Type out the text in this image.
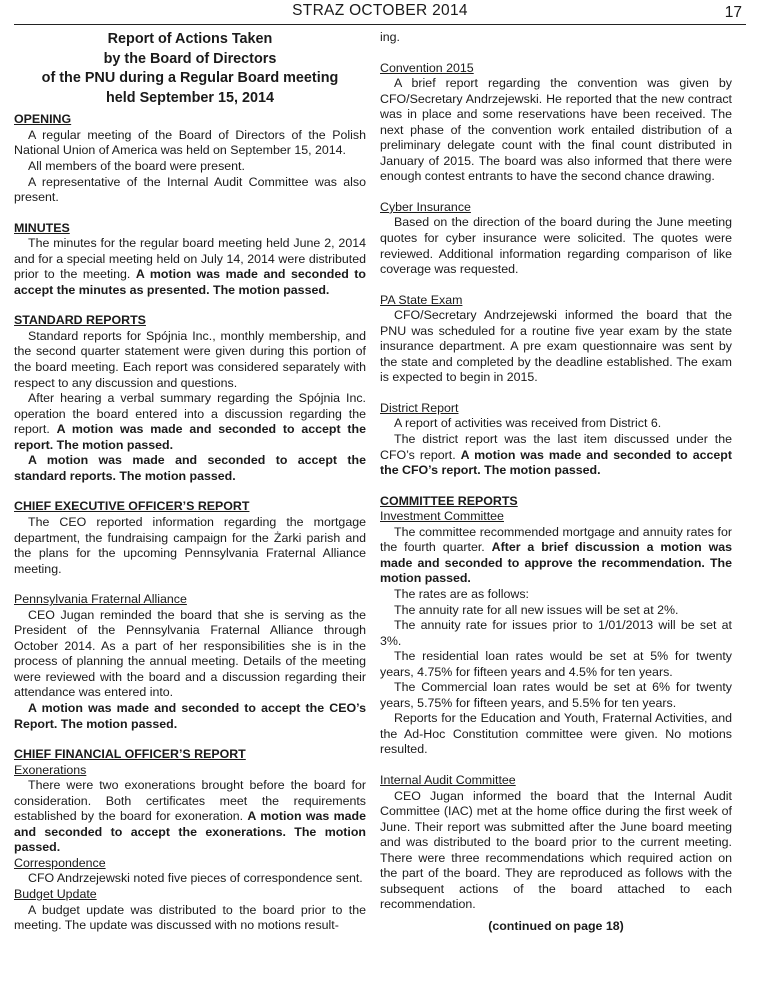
STRAZ OCTOBER 2014	17
Report of Actions Taken
by the Board of Directors
of the PNU during a Regular Board meeting
held September 15, 2014
OPENING

A regular meeting of the Board of Directors of the Polish National Union of America was held on September 15, 2014.

All members of the board were present.

A representative of the Internal Audit Committee was also present.

MINUTES

The minutes for the regular board meeting held June 2, 2014 and for a special meeting held on July 14, 2014 were distributed prior to the meeting. A motion was made and seconded to accept the minutes as presented. The motion passed.

STANDARD REPORTS

Standard reports for Spójnia Inc., monthly membership, and the second quarter statement were given during this portion of the board meeting. Each report was considered separately with respect to any discussion and questions.

After hearing a verbal summary regarding the Spójnia Inc. operation the board entered into a discussion regarding the report. A motion was made and seconded to accept the report. The motion passed.

A motion was made and seconded to accept the standard reports. The motion passed.

CHIEF EXECUTIVE OFFICER’S REPORT

The CEO reported information regarding the mortgage department, the fundraising campaign for the Żarki parish and the plans for the upcoming Pennsylvania Fraternal Alliance meeting.

Pennsylvania Fraternal Alliance

CEO Jugan reminded the board that she is serving as the President of the Pennsylvania Fraternal Alliance through October 2014. As a part of her responsibilities she is in the process of planning the annual meeting. Details of the meeting were reviewed with the board and a discussion regarding their attendance was entered into.

A motion was made and seconded to accept the CEO’s Report. The motion passed.

CHIEF FINANCIAL OFFICER’S REPORT
Exonerations

There were two exonerations brought before the board for consideration. Both certificates meet the requirements established by the board for exoneration. A motion was made and seconded to accept the exonerations. The motion passed.

Correspondence

CFO Andrzejewski noted five pieces of correspondence sent.

Budget Update

A budget update was distributed to the board prior to the meeting. The update was discussed with no motions result-

ing.

Convention 2015

A brief report regarding the convention was given by CFO/Secretary Andrzejewski. He reported that the new contract was in place and some reservations have been received. The next phase of the convention work entailed distribution of a preliminary delegate count with the final count distributed in January of 2015. The board was also informed that there were enough contest entrants to have the second chance drawing.

Cyber Insurance

Based on the direction of the board during the June meeting quotes for cyber insurance were solicited. The quotes were reviewed. Additional information regarding comparison of like coverage was requested.

PA State Exam

CFO/Secretary Andrzejewski informed the board that the PNU was scheduled for a routine five year exam by the state insurance department. A pre exam questionnaire was sent by the state and completed by the deadline established. The exam is expected to begin in 2015.

District Report

A report of activities was received from District 6.

The district report was the last item discussed under the CFO’s report. A motion was made and seconded to accept the CFO’s report. The motion passed.

COMMITTEE REPORTS
Investment Committee

The committee recommended mortgage and annuity rates for the fourth quarter. After a brief discussion a motion was made and seconded to approve the recommendation. The motion passed.

The rates are as follows:

The annuity rate for all new issues will be set at 2%.

The annuity rate for issues prior to 1/01/2013 will be set at 3%.

The residential loan rates would be set at 5% for twenty years, 4.75% for fifteen years and 4.5% for ten years.

The Commercial loan rates would be set at 6% for twenty years, 5.75% for fifteen years, and 5.5% for ten years.

Reports for the Education and Youth, Fraternal Activities, and the Ad-Hoc Constitution committee were given. No motions resulted.

Internal Audit Committee

CEO Jugan informed the board that the Internal Audit Committee (IAC) met at the home office during the first week of June. Their report was submitted after the June board meeting and was distributed to the board prior to the current meeting. There were three recommendations which required action on the part of the board. They are reproduced as follows with the subsequent actions of the board attached to each recommendation.

(continued on page 18)
